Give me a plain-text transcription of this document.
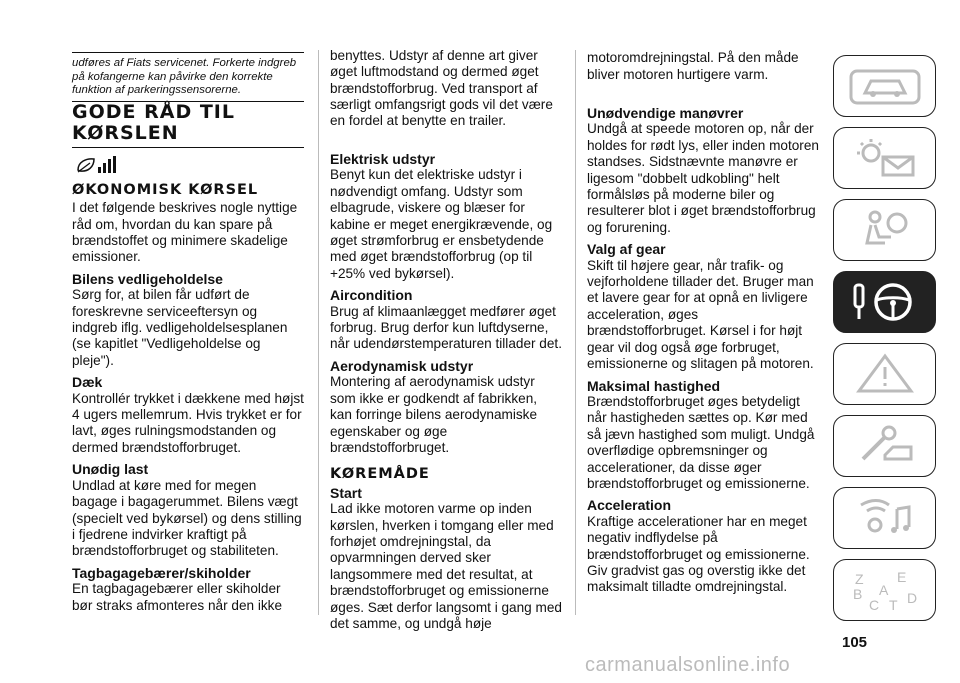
udføres af Fiats servicenet. Forkerte indgreb på kofangerne kan påvirke den korrekte funktion af parkeringssensorerne.

GODE RÅD TIL KØRSLEN
ØKONOMISK KØRSEL

I det følgende beskrives nogle nyttige råd om, hvordan du kan spare på brændstoffet og minimere skadelige emissioner.

Bilens vedligeholdelse

Sørg for, at bilen får udført de foreskrevne serviceeftersyn og indgreb iflg. vedligeholdelsesplanen (se kapitlet "Vedligeholdelse og pleje").

Dæk

Kontrollér trykket i dækkene med højst 4 ugers mellemrum. Hvis trykket er for lavt, øges rulningsmodstanden og dermed brændstofforbruget.

Unødig last

Undlad at køre med for megen bagage i bagagerummet. Bilens vægt (specielt ved bykørsel) og dens stilling i fjedrene indvirker kraftigt på brændstofforbruget og stabiliteten.

Tagbagagebærer/skiholder

En tagbagagebærer eller skiholder bør straks afmonteres når den ikke

benyttes. Udstyr af denne art giver øget luftmodstand og dermed øget brændstofforbrug. Ved transport af særligt omfangsrigt gods vil det være en fordel at benytte en trailer.

Elektrisk udstyr

Benyt kun det elektriske udstyr i nødvendigt omfang. Udstyr som elbagrude, viskere og blæser for kabine er meget energikrævende, og øget strømforbrug er ensbetydende med øget brændstofforbrug (op til +25% ved bykørsel).

Aircondition

Brug af klimaanlægget medfører øget forbrug. Brug derfor kun luftdyserne, når udendørstemperaturen tillader det.

Aerodynamisk udstyr

Montering af aerodynamisk udstyr som ikke er godkendt af fabrikken, kan forringe bilens aerodynamiske egenskaber og øge brændstofforbruget.

KØREMÅDE
Start

Lad ikke motoren varme op inden kørslen, hverken i tomgang eller med forhøjet omdrejningstal, da opvarmningen derved sker langsommere med det resultat, at brændstofforbruget og emissionerne øges. Sæt derfor langsomt i gang med det samme, og undgå høje

motoromdrejningstal. På den måde bliver motoren hurtigere varm.

Unødvendige manøvrer

Undgå at speede motoren op, når der holdes for rødt lys, eller inden motoren standses. Sidstnævnte manøvre er ligesom "dobbelt udkobling" helt formålsløs på moderne biler og resulterer blot i øget brændstofforbrug og forurening.

Valg af gear

Skift til højere gear, når trafik- og vejforholdene tillader det. Bruger man et lavere gear for at opnå en livligere acceleration, øges brændstofforbruget. Kørsel i for højt gear vil dog også øge forbruget, emissionerne og slitagen på motoren.

Maksimal hastighed

Brændstofforbruget øges betydeligt når hastigheden sættes op. Kør med så jævn hastighed som muligt. Undgå overflødige opbremsninger og accelerationer, da disse øger brændstofforbruget og emissionerne.

Acceleration

Kraftige accelerationer har en meget negativ indflydelse på brændstofforbruget og emissionerne. Giv gradvist gas og overstig ikke det maksimalt tilladte omdrejningstal.	Z E
B A
C T D
105
carmanualsonline.info
